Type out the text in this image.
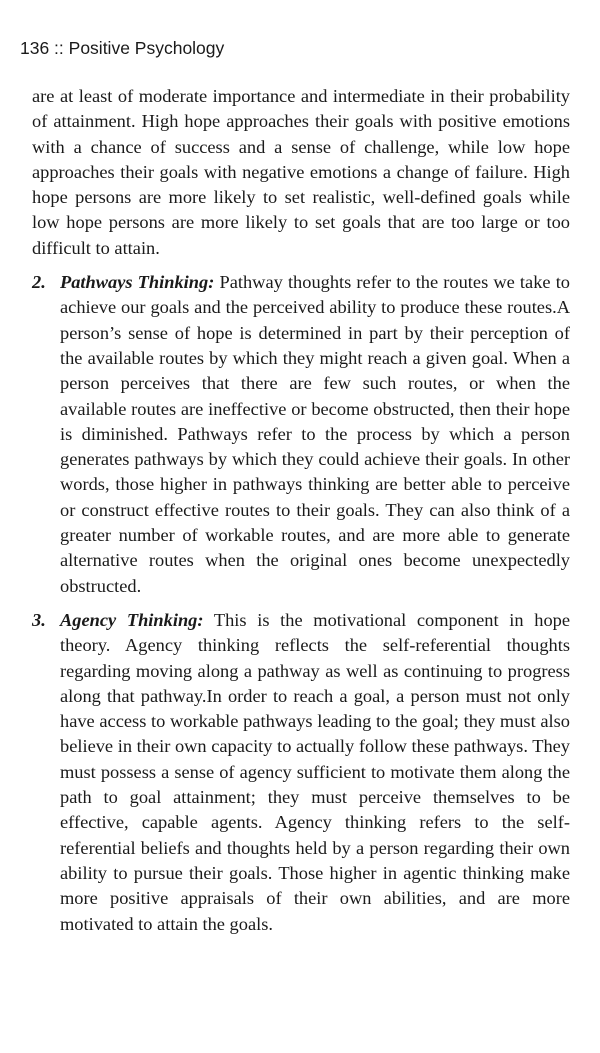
136 :: Positive Psychology

are at least of moderate importance and intermediate in their probability of attainment. High hope approaches their goals with positive emotions with a chance of success and a sense of challenge, while low hope approaches their goals with negative emotions a change of failure. High hope persons are more likely to set realistic, well-defined goals while low hope persons are more likely to set goals that are too large or too difficult to attain.

2. Pathways Thinking: Pathway thoughts refer to the routes we take to achieve our goals and the perceived ability to produce these routes.A person’s sense of hope is determined in part by their perception of the available routes by which they might reach a given goal. When a person perceives that there are few such routes, or when the available routes are ineffective or become obstructed, then their hope is diminished. Pathways refer to the process by which a person generates pathways by which they could achieve their goals. In other words, those higher in pathways thinking are better able to perceive or construct effective routes to their goals. They can also think of a greater number of workable routes, and are more able to generate alternative routes when the original ones become unexpectedly obstructed.
3. Agency Thinking: This is the motivational component in hope theory. Agency thinking reflects the self-referential thoughts regarding moving along a pathway as well as continuing to progress along that pathway.In order to reach a goal, a person must not only have access to workable pathways leading to the goal; they must also believe in their own capacity to actually follow these pathways. They must possess a sense of agency sufficient to motivate them along the path to goal attainment; they must perceive themselves to be effective, capable agents. Agency thinking refers to the self-referential beliefs and thoughts held by a person regarding their own ability to pursue their goals. Those higher in agentic thinking make more positive appraisals of their own abilities, and are more motivated to attain the goals.
